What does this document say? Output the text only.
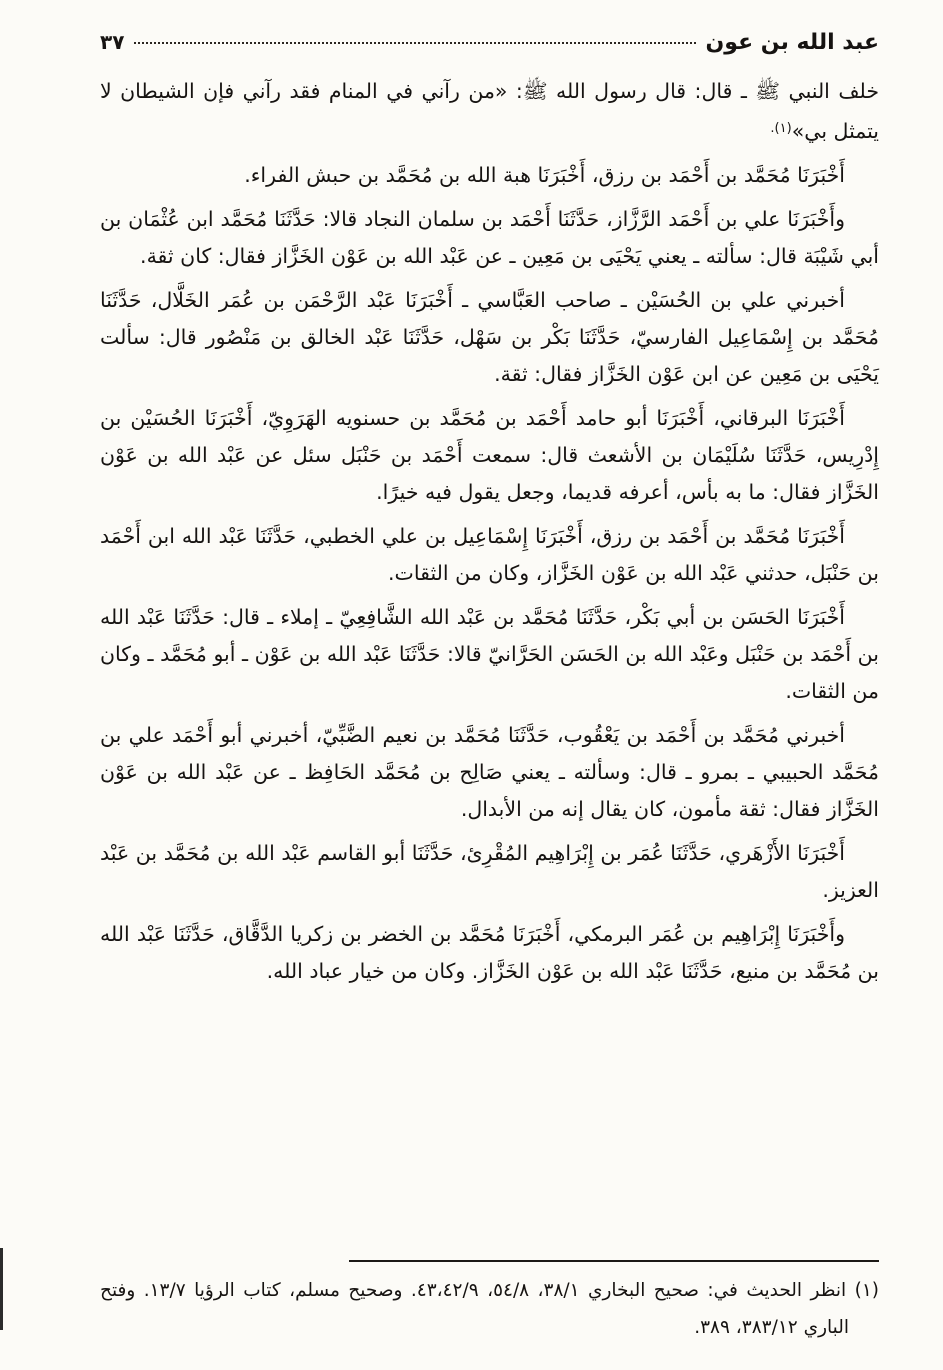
عبد الله بن عون
٣٧

خلف النبي ﷺ ـ قال: قال رسول الله ﷺ: «من رآني في المنام فقد رآني فإن الشيطان لا يتمثل بي»$^{(١).}$

أَخْبَرَنَا مُحَمَّد بن أَحْمَد بن رزق، أَخْبَرَنَا هبة الله بن مُحَمَّد بن حبش الفراء.

وأَخْبَرَنَا علي بن أَحْمَد الرَّزَّاز، حَدَّثَنَا أَحْمَد بن سلمان النجاد قالا: حَدَّثَنَا مُحَمَّد ابن عُثْمَان بن أبي شَيْبَة قال: سألته ـ يعني يَحْيَى بن مَعِين ـ عن عَبْد الله بن عَوْن الخَزَّاز فقال: كان ثقة.

أخبرني علي بن الحُسَيْن ـ صاحب العَبَّاسي ـ أَخْبَرَنَا عَبْد الرَّحْمَن بن عُمَر الخَلَّال، حَدَّثَنَا مُحَمَّد بن إِسْمَاعِيل الفارسيّ، حَدَّثَنَا بَكْر بن سَهْل، حَدَّثَنَا عَبْد الخالق بن مَنْصُور قال: سألت يَحْيَى بن مَعِين عن ابن عَوْن الخَزَّاز فقال: ثقة.

أَخْبَرَنَا البرقاني، أَخْبَرَنَا أبو حامد أَحْمَد بن مُحَمَّد بن حسنويه الهَرَوِيّ، أَخْبَرَنَا الحُسَيْن بن إِدْرِيس، حَدَّثَنَا سُلَيْمَان بن الأشعث قال: سمعت أَحْمَد بن حَنْبَل سئل عن عَبْد الله بن عَوْن الخَزَّاز فقال: ما به بأس، أعرفه قديما، وجعل يقول فيه خيرًا.

أَخْبَرَنَا مُحَمَّد بن أَحْمَد بن رزق، أَخْبَرَنَا إِسْمَاعِيل بن علي الخطبي، حَدَّثَنَا عَبْد الله ابن أَحْمَد بن حَنْبَل، حدثني عَبْد الله بن عَوْن الخَزَّاز، وكان من الثقات.

أَخْبَرَنَا الحَسَن بن أبي بَكْر، حَدَّثَنَا مُحَمَّد بن عَبْد الله الشَّافِعِيّ ـ إملاء ـ قال: حَدَّثَنَا عَبْد الله بن أَحْمَد بن حَنْبَل وعَبْد الله بن الحَسَن الحَرَّانيّ قالا: حَدَّثَنَا عَبْد الله بن عَوْن ـ أبو مُحَمَّد ـ وكان من الثقات.

أخبرني مُحَمَّد بن أَحْمَد بن يَعْقُوب، حَدَّثَنَا مُحَمَّد بن نعيم الضَّبِّيّ، أخبرني أبو أَحْمَد علي بن مُحَمَّد الحبيبي ـ بمرو ـ قال: وسألته ـ يعني صَالِح بن مُحَمَّد الحَافِظ ـ عن عَبْد الله بن عَوْن الخَزَّاز فقال: ثقة مأمون، كان يقال إنه من الأبدال.

أَخْبَرَنَا الأَزْهَري، حَدَّثَنَا عُمَر بن إِبْرَاهِيم المُقْرِئ، حَدَّثَنَا أبو القاسم عَبْد الله بن مُحَمَّد بن عَبْد العزيز.

وأَخْبَرَنَا إِبْرَاهِيم بن عُمَر البرمكي، أَخْبَرَنَا مُحَمَّد بن الخضر بن زكريا الدَّقَّاق، حَدَّثَنَا عَبْد الله بن مُحَمَّد بن منيع، حَدَّثَنَا عَبْد الله بن عَوْن الخَزَّاز. وكان من خيار عباد الله.

(١) انظر الحديث في: صحيح البخاري ٣٨/١، ٥٤/٨، ٤٣،٤٢/٩. وصحيح مسلم، كتاب الرؤيا ١٣/٧. وفتح الباري ٣٨٣/١٢، ٣٨٩.
